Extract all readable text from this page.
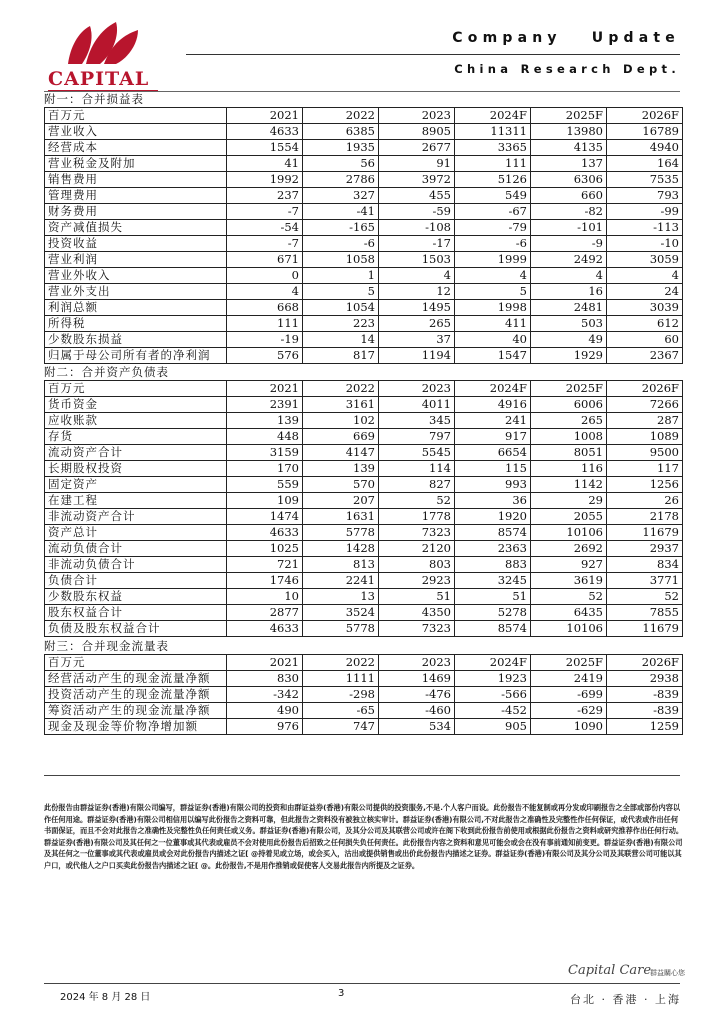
CAPITAL
Company Update
China Research Dept.
附一：合并损益表
百万元	2021	2022	2023	2024F	2025F	2026F
营业收入	4633	6385	8905	11311	13980	16789
经营成本	1554	1935	2677	3365	4135	4940
营业税金及附加	41	56	91	111	137	164
销售费用	1992	2786	3972	5126	6306	7535
管理费用	237	327	455	549	660	793
财务费用	-7	-41	-59	-67	-82	-99
资产减值损失	-54	-165	-108	-79	-101	-113
投资收益	-7	-6	-17	-6	-9	-10
营业利润	671	1058	1503	1999	2492	3059
营业外收入	0	1	4	4	4	4
营业外支出	4	5	12	5	16	24
利润总额	668	1054	1495	1998	2481	3039
所得税	111	223	265	411	503	612
少数股东损益	-19	14	37	40	49	60
归属于母公司所有者的净利润	576	817	1194	1547	1929	2367
附二：合并资产负债表
百万元	2021	2022	2023	2024F	2025F	2026F
货币资金	2391	3161	4011	4916	6006	7266
应收账款	139	102	345	241	265	287
存货	448	669	797	917	1008	1089
流动资产合计	3159	4147	5545	6654	8051	9500
长期股权投资	170	139	114	115	116	117
固定资产	559	570	827	993	1142	1256
在建工程	109	207	52	36	29	26
非流动资产合计	1474	1631	1778	1920	2055	2178
资产总计	4633	5778	7323	8574	10106	11679
流动负债合计	1025	1428	2120	2363	2692	2937
非流动负债合计	721	813	803	883	927	834
负债合计	1746	2241	2923	3245	3619	3771
少数股东权益	10	13	51	51	52	52
股东权益合计	2877	3524	4350	5278	6435	7855
负债及股东权益合计	4633	5778	7323	8574	10106	11679
附三：合并现金流量表
百万元	2021	2022	2023	2024F	2025F	2026F
经营活动产生的现金流量净额	830	1111	1469	1923	2419	2938
投资活动产生的现金流量净额	-342	-298	-476	-566	-699	-839
筹资活动产生的现金流量净额	490	-65	-460	-452	-629	-839
现金及现金等价物净增加额	976	747	534	905	1090	1259
此份报告由群益证券(香港)有限公司编写，群益证券(香港)有限公司的投资和由群证益券(香港)有限公司提供的投资服务,不是.个人客户而设。此份报告不能复制或再分发或印刷报告之全部或部份内容以作任何用途。群益证券(香港)有限公司相信用以编写此份报告之资料可靠，但此报告之资料没有被独立核实审计。群益证券(香港)有限公司,不对此报告之准确性及完整性作任何保证，或代表或作出任何书面保证，而且不会对此报告之准确性及完整性负任何责任或义务。群益证券(香港)有限公司，及其分公司及其联营公司或许在阁下收到此份报告前使用或根据此份报告之资料或研究推荐作出任何行动。群益证券(香港)有限公司及其任何之一位董事或其代表或雇员不会对使用此份报告后招致之任何损失负任何责任。此份报告内容之资料和意见可能会或会在没有事前通知前变更。群益证券(香港)有限公司及其任何之一位董事或其代表或雇员或会对此份报告内描述之证[ @持着见或立场，或会买入，沽出或提供销售或出价此份报告内描述之证券。群益证券(香港)有限公司及其分公司及其联营公司可能以其户口，或代他人之户口买卖此份报告内描述之证[ @。此份报告,不是用作推销或促使客人交易此报告内所提及之证券。
Capital Care
群益關心您
2024 年 8 月 28 日	3	台北 · 香港 · 上海
